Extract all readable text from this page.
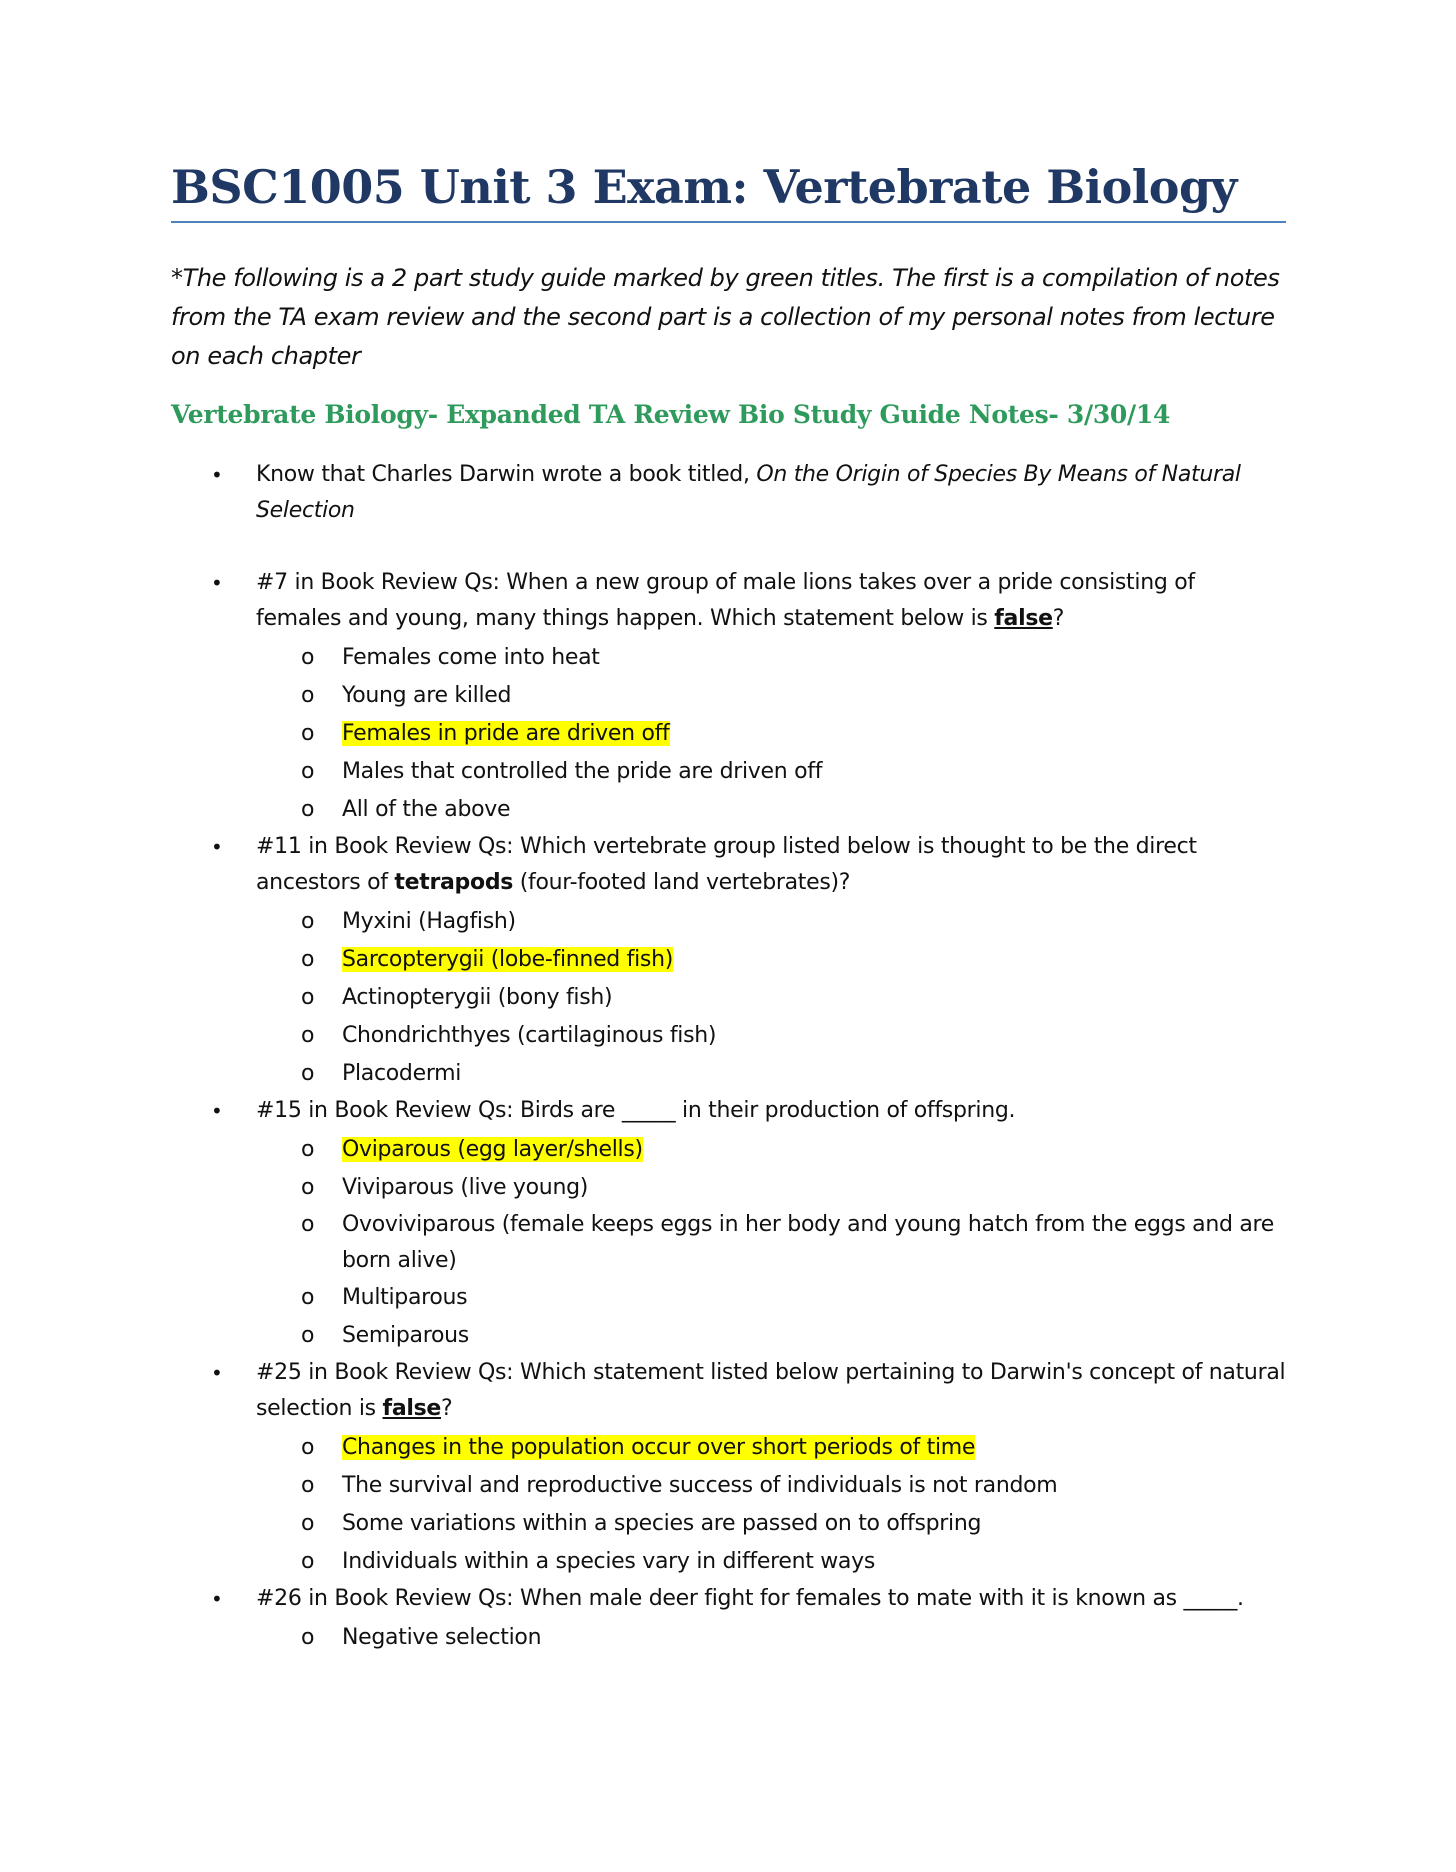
BSC1005 Unit 3 Exam: Vertebrate Biology

*The following is a 2 part study guide marked by green titles. The first is a compilation of notes from the TA exam review and the second part is a collection of my personal notes from lecture on each chapter

Vertebrate Biology- Expanded TA Review Bio Study Guide Notes- 3/30/14
• Know that Charles Darwin wrote a book titled, On the Origin of Species By Means of Natural Selection
• #7 in Book Review Qs: When a new group of male lions takes over a pride consisting of females and young, many things happen. Which statement below is false?
o Females come into heat
o Young are killed
o Females in pride are driven off
o Males that controlled the pride are driven off
o All of the above
• #11 in Book Review Qs: Which vertebrate group listed below is thought to be the direct ancestors of tetrapods (four-footed land vertebrates)?
o Myxini (Hagfish)
o Sarcopterygii (lobe-finned fish)
o Actinopterygii (bony fish)
o Chondrichthyes (cartilaginous fish)
o Placodermi
• #15 in Book Review Qs: Birds are _____ in their production of offspring.
o Oviparous (egg layer/shells)
o Viviparous (live young)
o Ovoviviparous (female keeps eggs in her body and young hatch from the eggs and are born alive)
o Multiparous
o Semiparous
• #25 in Book Review Qs: Which statement listed below pertaining to Darwin's concept of natural selection is false?
o Changes in the population occur over short periods of time
o The survival and reproductive success of individuals is not random
o Some variations within a species are passed on to offspring
o Individuals within a species vary in different ways
• #26 in Book Review Qs: When male deer fight for females to mate with it is known as _____.
o Negative selection
